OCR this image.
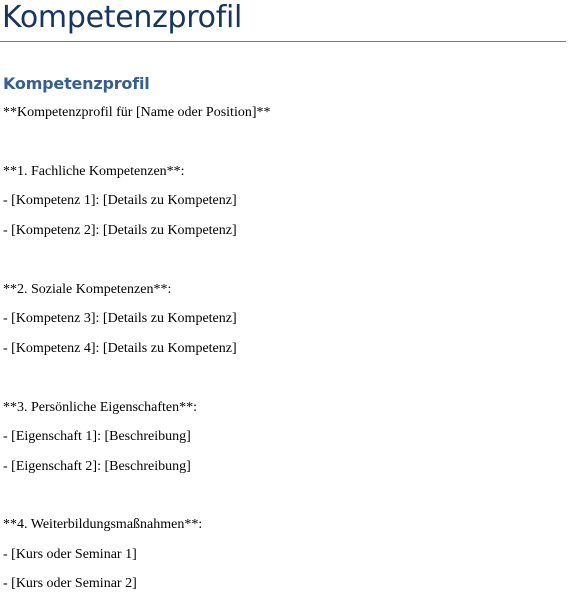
Kompetenzprofil
Kompetenzprofil

**Kompetenzprofil für [Name oder Position]**

**1. Fachliche Kompetenzen**:

- [Kompetenz 1]: [Details zu Kompetenz]

- [Kompetenz 2]: [Details zu Kompetenz]

**2. Soziale Kompetenzen**:

- [Kompetenz 3]: [Details zu Kompetenz]

- [Kompetenz 4]: [Details zu Kompetenz]

**3. Persönliche Eigenschaften**:

- [Eigenschaft 1]: [Beschreibung]

- [Eigenschaft 2]: [Beschreibung]

**4. Weiterbildungsmaßnahmen**:

- [Kurs oder Seminar 1]

- [Kurs oder Seminar 2]
